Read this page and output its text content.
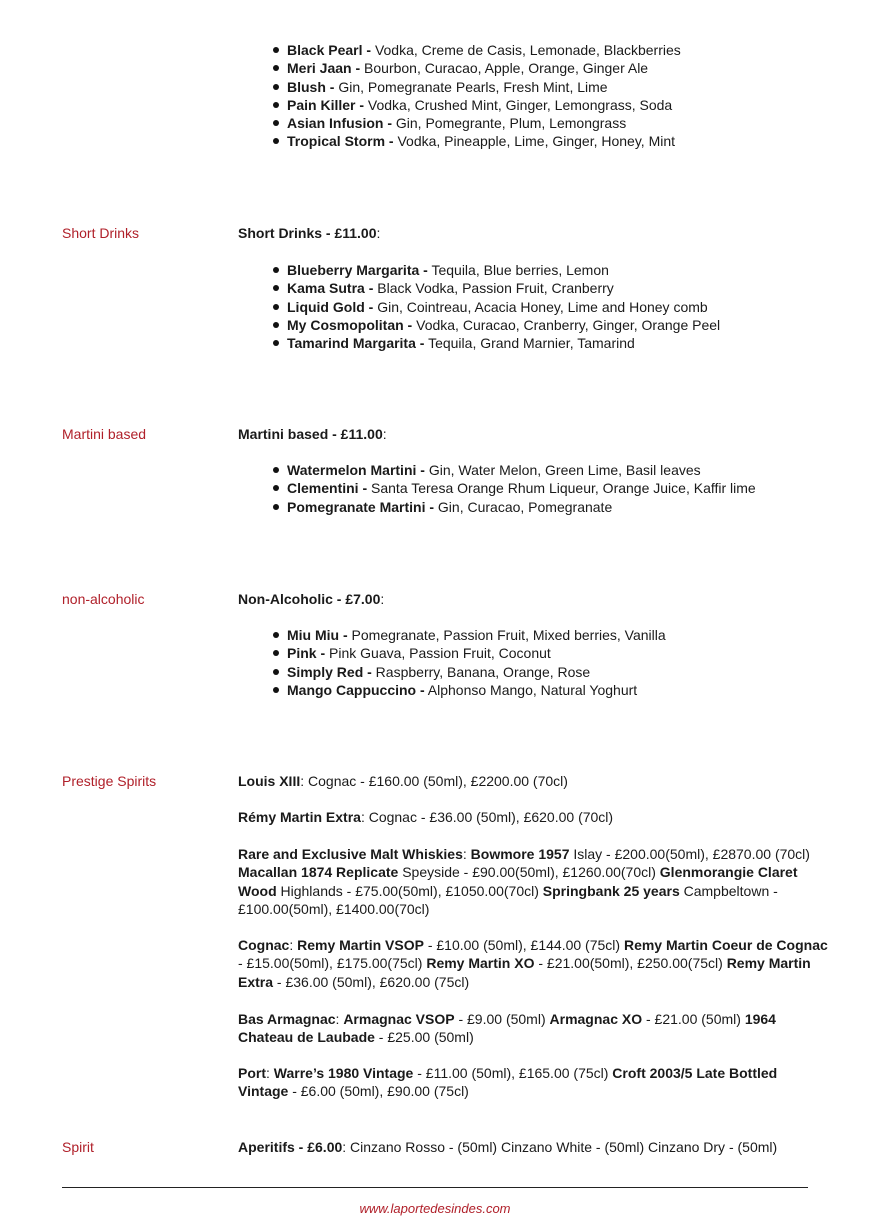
Black Pearl - Vodka, Creme de Casis, Lemonade, Blackberries
Meri Jaan - Bourbon, Curacao, Apple, Orange, Ginger Ale
Blush - Gin, Pomegranate Pearls, Fresh Mint, Lime
Pain Killer - Vodka, Crushed Mint, Ginger, Lemongrass, Soda
Asian Infusion - Gin, Pomegrante, Plum, Lemongrass
Tropical Storm - Vodka, Pineapple, Lime, Ginger, Honey, Mint
Short Drinks	Short Drinks - £11.00:
Blueberry Margarita - Tequila, Blue berries, Lemon
Kama Sutra - Black Vodka, Passion Fruit, Cranberry
Liquid Gold - Gin, Cointreau, Acacia Honey, Lime and Honey comb
My Cosmopolitan - Vodka, Curacao, Cranberry, Ginger, Orange Peel
Tamarind Margarita - Tequila, Grand Marnier, Tamarind
Martini based	Martini based - £11.00:
Watermelon Martini - Gin, Water Melon, Green Lime, Basil leaves
Clementini - Santa Teresa Orange Rhum Liqueur, Orange Juice, Kaffir lime
Pomegranate Martini - Gin, Curacao, Pomegranate
non-alcoholic	Non-Alcoholic - £7.00:
Miu Miu - Pomegranate, Passion Fruit, Mixed berries, Vanilla
Pink - Pink Guava, Passion Fruit, Coconut
Simply Red - Raspberry, Banana, Orange, Rose
Mango Cappuccino - Alphonso Mango, Natural Yoghurt
Prestige Spirits	Louis XIII: Cognac - £160.00 (50ml), £2200.00 (70cl)
Rémy Martin Extra: Cognac - £36.00 (50ml), £620.00 (70cl)
Rare and Exclusive Malt Whiskies: Bowmore 1957 Islay - £200.00(50ml), £2870.00 (70cl) Macallan 1874 Replicate Speyside - £90.00(50ml), £1260.00(70cl) Glenmorangie Claret Wood Highlands - £75.00(50ml), £1050.00(70cl) Springbank 25 years Campbeltown - £100.00(50ml), £1400.00(70cl)
Cognac: Remy Martin VSOP - £10.00 (50ml), £144.00 (75cl) Remy Martin Coeur de Cognac - £15.00(50ml), £175.00(75cl) Remy Martin XO - £21.00(50ml), £250.00(75cl) Remy Martin Extra - £36.00 (50ml), £620.00 (75cl)
Bas Armagnac: Armagnac VSOP - £9.00 (50ml) Armagnac XO - £21.00 (50ml) 1964 Chateau de Laubade - £25.00 (50ml)
Port: Warre’s 1980 Vintage - £11.00 (50ml), £165.00 (75cl) Croft 2003/5 Late Bottled Vintage - £6.00 (50ml), £90.00 (75cl)
Spirit	Aperitifs - £6.00: Cinzano Rosso - (50ml) Cinzano White - (50ml) Cinzano Dry - (50ml)
www.laportedesindes.com
